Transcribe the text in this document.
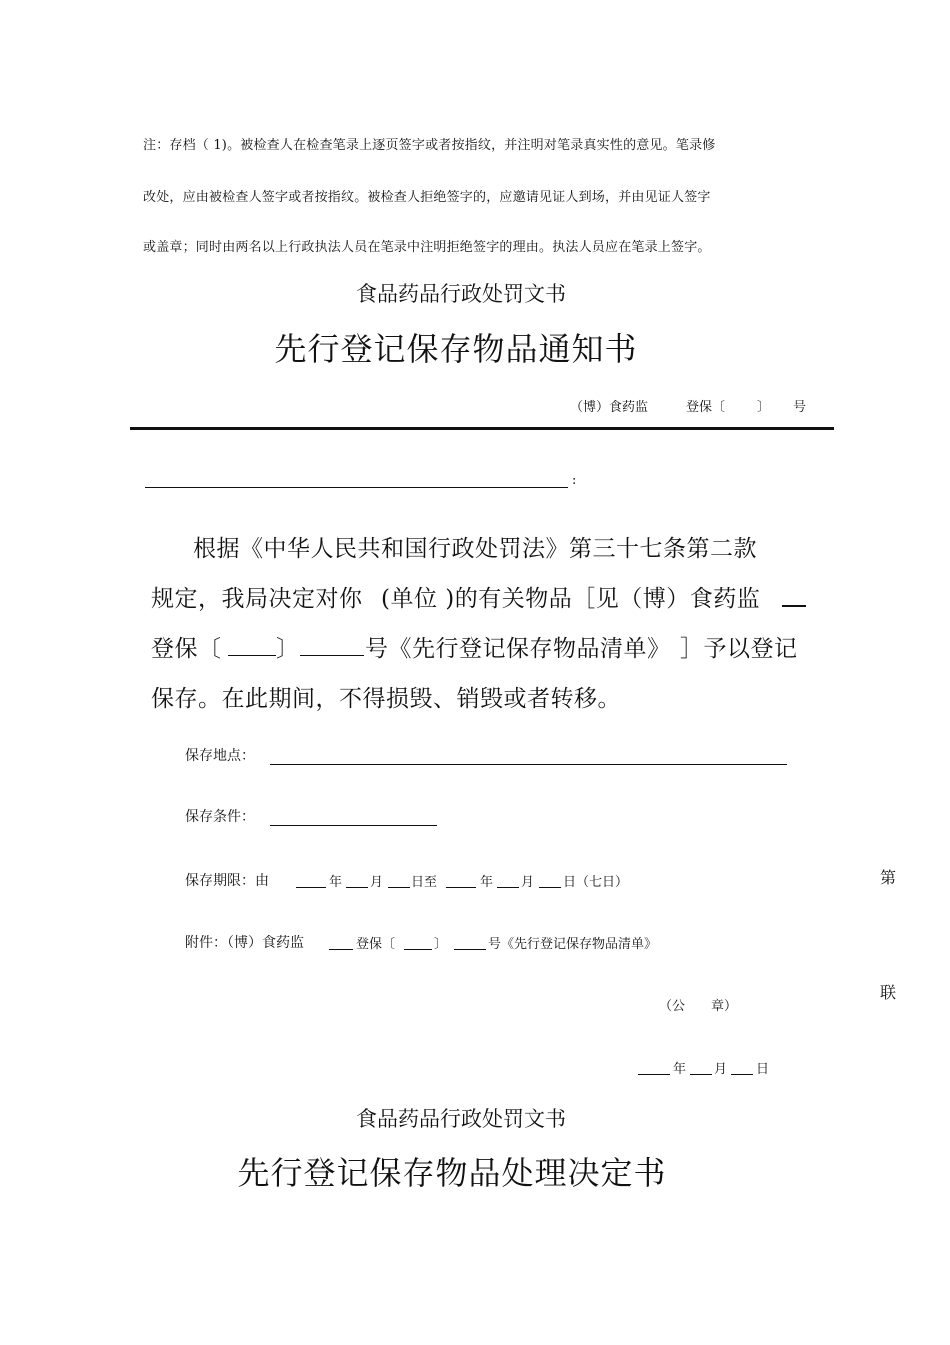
注：存档（ 1)。被检查人在检查笔录上逐页签字或者按指纹，并注明对笔录真实性的意见。笔录修
改处，应由被检查人签字或者按指纹。被检查人拒绝签字的，应邀请见证人到场，并由见证人签字
或盖章；同时由两名以上行政执法人员在笔录中注明拒绝签字的理由。执法人员应在笔录上签字。
食品药品行政处罚文书
先行登记保存物品通知书
（博）食药监	登保〔 〕 号
:
根据《中华人民共和国行政处罚法》第三十七条第二款
规定，我局决定对你 (单位 )的有关物品［见（博）食药监
登保〔 〕	号《先行登记保存物品清单》 ］予以登记
保存。在此期间，不得损毁、销毁或者转移。
保存地点：
保存条件：
保存期限：由	年 月 日至	年 月 日（七日）
附件：（博）食药监	登保〔	〕	号《先行登记保存物品清单》
（公　　章）
年 月 日
第
联
食品药品行政处罚文书
先行登记保存物品处理决定书
